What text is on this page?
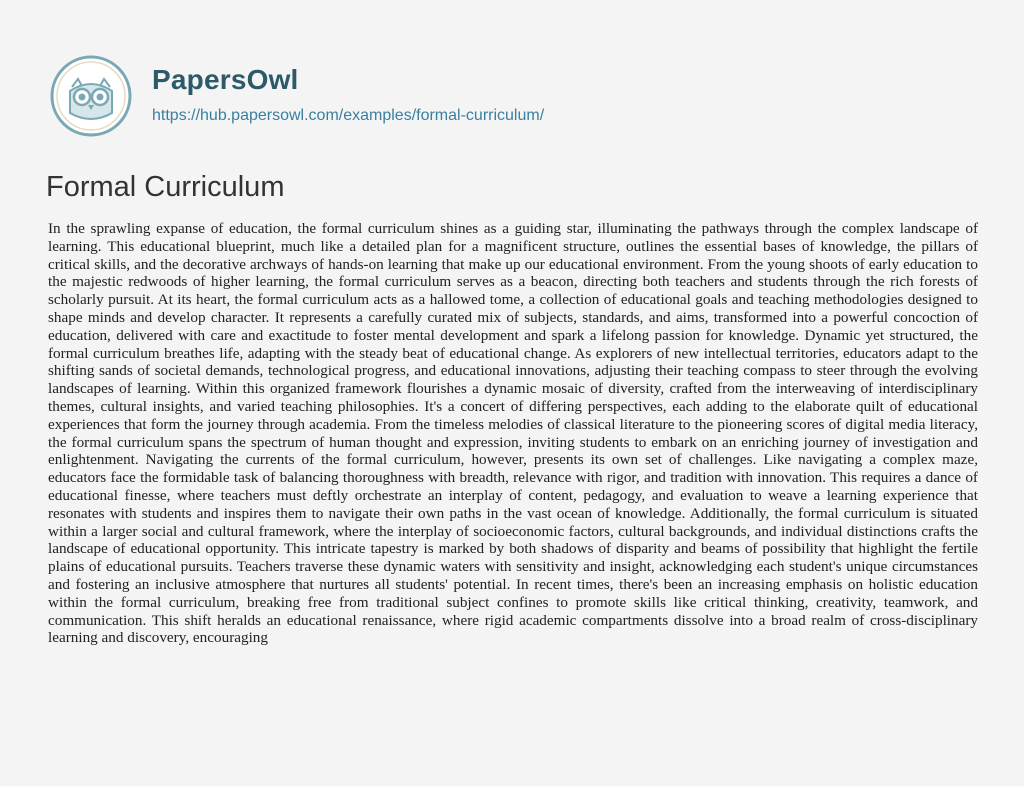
PapersOwl
https://hub.papersowl.com/examples/formal-curriculum/
Formal Curriculum

In the sprawling expanse of education, the formal curriculum shines as a guiding star, illuminating the pathways through the complex landscape of learning. This educational blueprint, much like a detailed plan for a magnificent structure, outlines the essential bases of knowledge, the pillars of critical skills, and the decorative archways of hands-on learning that make up our educational environment. From the young shoots of early education to the majestic redwoods of higher learning, the formal curriculum serves as a beacon, directing both teachers and students through the rich forests of scholarly pursuit. At its heart, the formal curriculum acts as a hallowed tome, a collection of educational goals and teaching methodologies designed to shape minds and develop character. It represents a carefully curated mix of subjects, standards, and aims, transformed into a powerful concoction of education, delivered with care and exactitude to foster mental development and spark a lifelong passion for knowledge. Dynamic yet structured, the formal curriculum breathes life, adapting with the steady beat of educational change. As explorers of new intellectual territories, educators adapt to the shifting sands of societal demands, technological progress, and educational innovations, adjusting their teaching compass to steer through the evolving landscapes of learning. Within this organized framework flourishes a dynamic mosaic of diversity, crafted from the interweaving of interdisciplinary themes, cultural insights, and varied teaching philosophies. It's a concert of differing perspectives, each adding to the elaborate quilt of educational experiences that form the journey through academia. From the timeless melodies of classical literature to the pioneering scores of digital media literacy, the formal curriculum spans the spectrum of human thought and expression, inviting students to embark on an enriching journey of investigation and enlightenment. Navigating the currents of the formal curriculum, however, presents its own set of challenges. Like navigating a complex maze, educators face the formidable task of balancing thoroughness with breadth, relevance with rigor, and tradition with innovation. This requires a dance of educational finesse, where teachers must deftly orchestrate an interplay of content, pedagogy, and evaluation to weave a learning experience that resonates with students and inspires them to navigate their own paths in the vast ocean of knowledge. Additionally, the formal curriculum is situated within a larger social and cultural framework, where the interplay of socioeconomic factors, cultural backgrounds, and individual distinctions crafts the landscape of educational opportunity. This intricate tapestry is marked by both shadows of disparity and beams of possibility that highlight the fertile plains of educational pursuits. Teachers traverse these dynamic waters with sensitivity and insight, acknowledging each student's unique circumstances and fostering an inclusive atmosphere that nurtures all students' potential. In recent times, there's been an increasing emphasis on holistic education within the formal curriculum, breaking free from traditional subject confines to promote skills like critical thinking, creativity, teamwork, and communication. This shift heralds an educational renaissance, where rigid academic compartments dissolve into a broad realm of cross-disciplinary learning and discovery, encouraging
